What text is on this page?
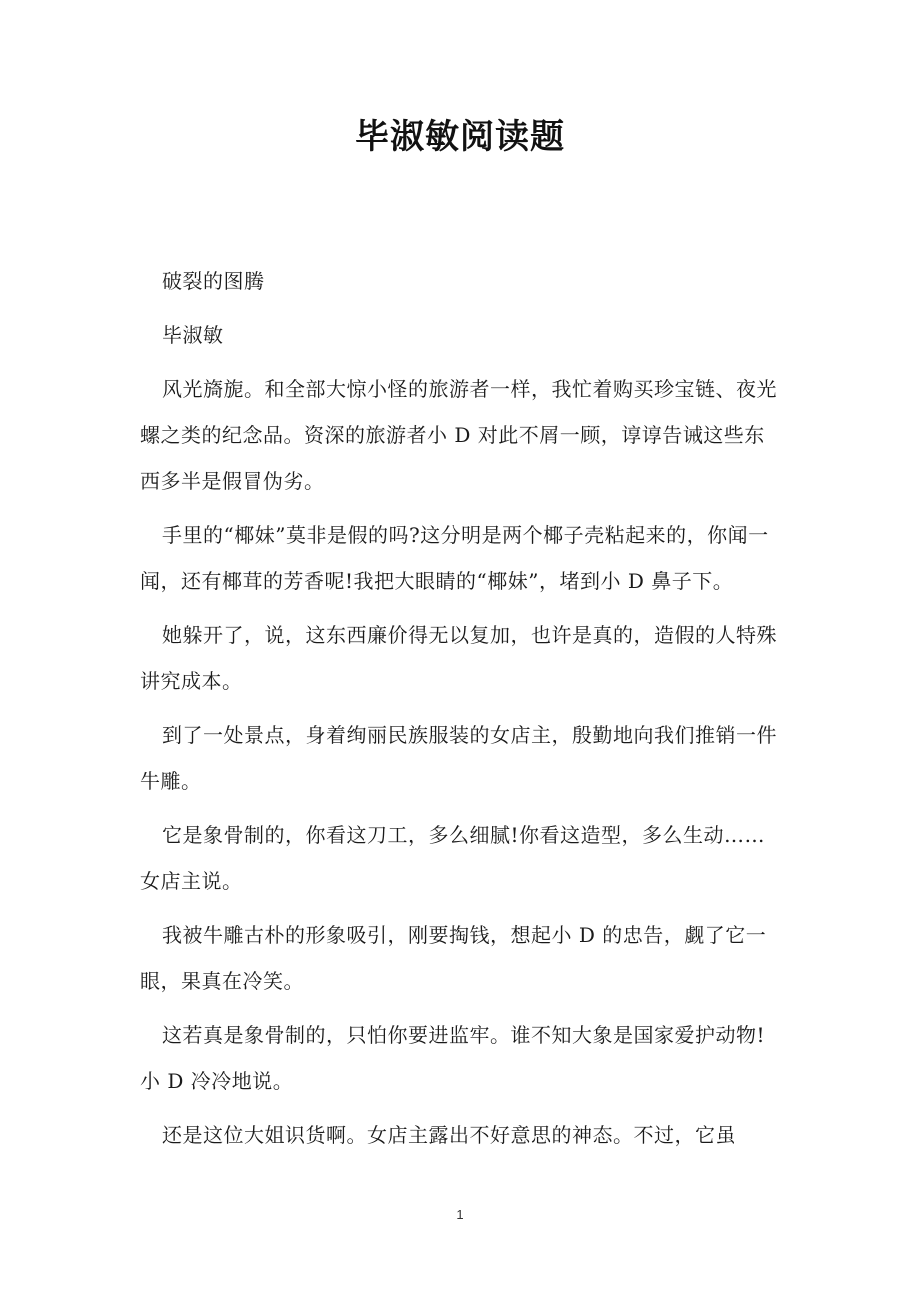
毕淑敏阅读题

破裂的图腾

毕淑敏

风光旖旎。和全部大惊小怪的旅游者一样，我忙着购买珍宝链、夜光螺之类的纪念品。资深的旅游者小 D 对此不屑一顾，谆谆告诫这些东西多半是假冒伪劣。

手里的“椰妹”莫非是假的吗?这分明是两个椰子壳粘起来的，你闻一闻，还有椰茸的芳香呢!我把大眼睛的“椰妹”，堵到小 D 鼻子下。

她躲开了，说，这东西廉价得无以复加，也许是真的，造假的人特殊讲究成本。

到了一处景点，身着绚丽民族服装的女店主，殷勤地向我们推销一件牛雕。

它是象骨制的，你看这刀工，多么细腻!你看这造型，多么生动……女店主说。

我被牛雕古朴的形象吸引，刚要掏钱，想起小 D 的忠告，觑了它一眼，果真在冷笑。

这若真是象骨制的，只怕你要进监牢。谁不知大象是国家爱护动物!小 D 冷冷地说。

还是这位大姐识货啊。女店主露出不好意思的神态。不过，它虽

1
